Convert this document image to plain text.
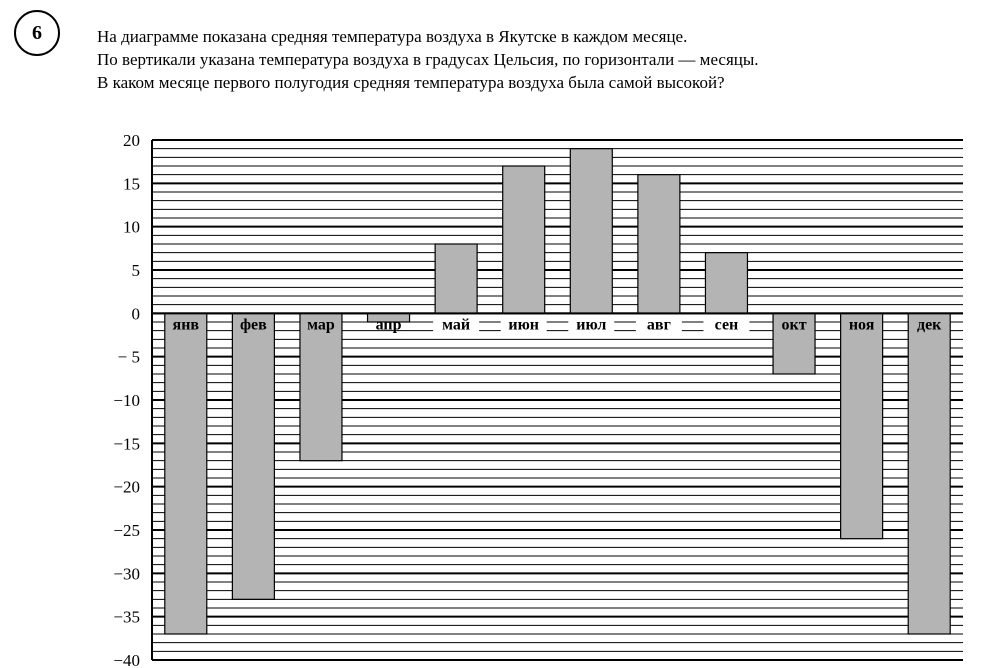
6	На диаграмме показана средняя температура воздуха в Якутске в каждом месяце.

По вертикали указана температура воздуха в градусах Цельсия, по горизонтали — месяцы.

В каком месяце первого полугодия средняя температура воздуха была самой высокой?

20
15
10
5
0
− 5
−10
−15
−20
−25
−30
−35
−40
янв	фев	мар	апр	май июн июл	авг	сен	окт	ноя	дек
